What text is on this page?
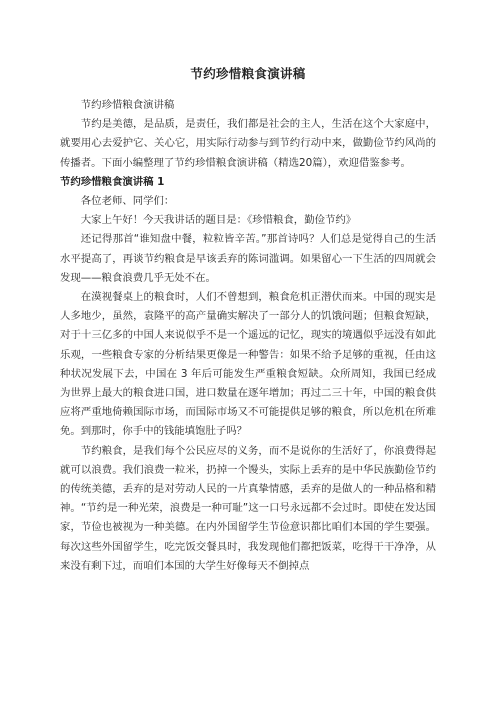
节约珍惜粮食演讲稿

节约珍惜粮食演讲稿

节约是美德，是品质，是责任，我们都是社会的主人，生活在这个大家庭中，就要用心去爱护它、关心它，用实际行动参与到节约行动中来，做勤俭节约风尚的传播者。下面小编整理了节约珍惜粮食演讲稿（精选20篇），欢迎借鉴参考。

节约珍惜粮食演讲稿 1

各位老师、同学们：

大家上午好！今天我讲话的题目是：《珍惜粮食，勤俭节约》

还记得那首“谁知盘中餐，粒粒皆辛苦。”那首诗吗？人们总是觉得自己的生活水平提高了，再谈节约粮食是早该丢弃的陈词滥调。如果留心一下生活的四周就会发现——粮食浪费几乎无处不在。

在漠视餐桌上的粮食时，人们不曾想到，粮食危机正潜伏而来。中国的现实是人多地少，虽然，袁隆平的高产量确实解决了一部分人的饥饿问题；但粮食短缺，对于十三亿多的中国人来说似乎不是一个遥远的记忆，现实的境遇似乎远没有如此乐观，一些粮食专家的分析结果更像是一种警告：如果不给予足够的重视，任由这种状况发展下去，中国在 3 年后可能发生严重粮食短缺。众所周知，我国已经成为世界上最大的粮食进口国，进口数量在逐年增加；再过二三十年，中国的粮食供应将严重地倚赖国际市场，而国际市场又不可能提供足够的粮食，所以危机在所难免。到那时，你手中的钱能填饱肚子吗？

节约粮食，是我们每个公民应尽的义务，而不是说你的生活好了，你浪费得起就可以浪费。我们浪费一粒米，扔掉一个馒头，实际上丢弃的是中华民族勤俭节约的传统美德，丢弃的是对劳动人民的一片真挚情感，丢弃的是做人的一种品格和精神。“节约是一种光荣，浪费是一种可耻”这一口号永远都不会过时。即使在发达国家，节俭也被视为一种美德。在内外国留学生节俭意识都比咱们本国的学生要强。每次这些外国留学生，吃完饭交餐具时，我发现他们都把饭菜，吃得干干净净，从来没有剩下过，而咱们本国的大学生好像每天不倒掉点
